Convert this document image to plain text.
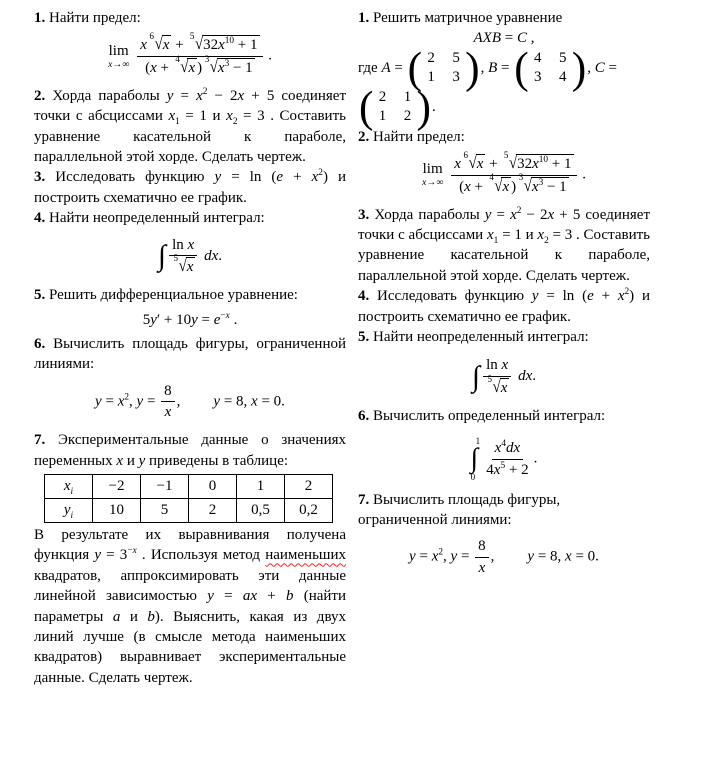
1. Найти предел:

lim
x→∞ x
6 √x +
5 $√32x^{10} + 1$
(x +
4 √x )
3 $√x^3 - 1$ .

2. Хорда параболы $y = x^2 - 2x + 5$ соединяет точки с абсциссами $x_1 = 1$ и $x_2 = 3$ . Составить уравнение касательной к параболе, параллельной этой хорде. Сделать чертеж.

3. Исследовать функцию $y = \ln (e + x^2)$ и построить схематично ее график.

4. Найти неопределенный интеграл:

∫ $\frac{\text{ln x}}{5 √x}$ dx.

5. Решить дифференциальное уравнение:

$5y' + 10y = e^{-x}$ .

6. Вычислить площадь фигуры, ограниченной линиями:

$y = x^2$, $y = \frac{8}{x}$ , y = 8, x = 0.

7. Экспериментальные данные о значениях переменных x и y приведены в таблице:

$x_i$	−2	−1	0	1	2
$y_i$	10	5	2	0,5	0,2

В результате их выравнивания получена функция $y = 3^{-x}$ . Используя метод наименьших квадратов, аппроксимировать эти данные линейной зависимостью y = ax + b (найти параметры a и b). Выяснить, какая из двух линий лучше (в смысле метода наименьших квадратов) выравнивает экспериментальные данные. Сделать чертеж.

1. Решить матричное уравнение

AXB = C ,

где A = ( 2 5
1 3 ) , B = ( 4 5
3 4 ) , C =
( 2 1
1 2 ) .

2. Найти предел:

lim
x→∞ x
6 √x +
5 $√32x^{10} + 1$
(x +
4 √x )
3 $√x^3 - 1$ .

3. Хорда параболы $y = x^2 - 2x + 5$ соединяет точки с абсциссами $x_1 = 1$ и $x_2 = 3$ . Составить уравнение касательной к параболе, параллельной этой хорде. Сделать чертеж.

4. Исследовать функцию $y = \ln (e + x^2)$ и построить схематично ее график.

5. Найти неопределенный интеграл:

∫ $\frac{\text{ln x}}{5 √x}$ dx.

6. Вычислить определенный интеграл:

1
∫
$0 \frac{x^4dx}{4x^5 + 2}$ .

7. Вычислить площадь фигуры, ограниченной линиями:

$y = x^2$, $y = \frac{8}{x}$ , y = 8, x = 0.
